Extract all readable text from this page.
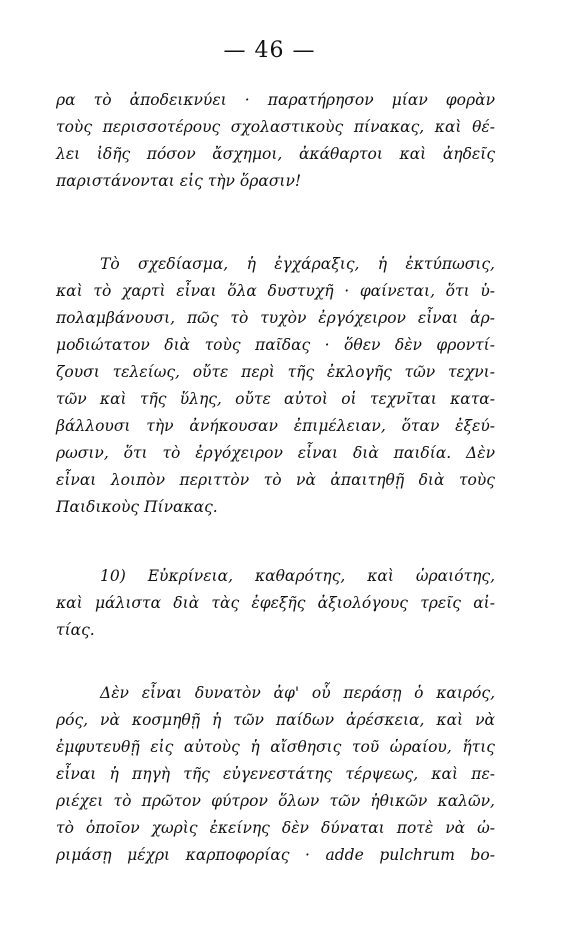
— 46 —
ρα τὸ ἀποδεικνύει · παρατήρησον μίαν φορὰν
τοὺς περισσοτέρους σχολαστικοὺς πίνακας, καὶ θέ-
λει ἰδῆς πόσον ἄσχημοι, ἀκάθαρτοι καὶ ἀηδεῖς
παριστάνονται εἰς τὴν ὅρασιν!
Τὸ σχεδίασμα, ἡ ἐγχάραξις, ἡ ἐκτύπωσις,
καὶ τὸ χαρτὶ εἶναι ὅλα δυστυχῆ · φαίνεται, ὅτι ὑ-
πολαμβάνουσι, πῶς τὸ τυχὸν ἐργόχειρον εἶναι ἁρ-
μοδιώτατον διὰ τοὺς παῖδας · ὅθεν δὲν φροντί-
ζουσι τελείως, οὔτε περὶ τῆς ἐκλογῆς τῶν τεχνι-
τῶν καὶ τῆς ὕλης, οὔτε αὐτοὶ οἱ τεχνῖται κατα-
βάλλουσι τὴν ἀνήκουσαν ἐπιμέλειαν, ὅταν ἐξεύ-
ρωσιν, ὅτι τὸ ἐργόχειρον εἶναι διὰ παιδία. Δὲν
εἶναι λοιπὸν περιττὸν τὸ νὰ ἀπαιτηθῇ διὰ τοὺς
Παιδικοὺς Πίνακας.
10) Εὐκρίνεια, καθαρότης, καὶ ὡραιότης,
καὶ μάλιστα διὰ τὰς ἐφεξῆς ἀξιολόγους τρεῖς αἰ-
τίας.
Δὲν εἶναι δυνατὸν ἀφ' οὗ περάσῃ ὁ καιρός,
ρός, νὰ κοσμηθῇ ἡ τῶν παίδων ἀρέσκεια, καὶ νὰ
ἐμφυτευθῇ εἰς αὐτοὺς ἡ αἴσθησις τοῦ ὡραίου, ἥτις
εἶναι ἡ πηγὴ τῆς εὐγενεστάτης τέρψεως, καὶ πε-
ριέχει τὸ πρῶτον φύτρον ὅλων τῶν ἠθικῶν καλῶν,
τὸ ὁποῖον χωρὶς ἐκείνης δὲν δύναται ποτὲ νὰ ὠ-
ριμάσῃ μέχρι καρποφορίας · adde pulchrum bo-
